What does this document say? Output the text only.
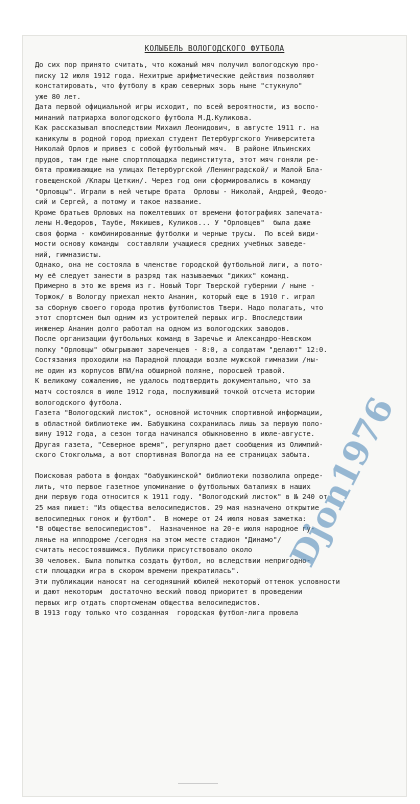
КОЛЫБЕЛЬ ВОЛОГОДСКОГО ФУТБОЛА
До сих пор принято считать, что кожаный мяч получил вологодскую про-
писку 12 июля 1912 года. Нехитрые арифметические действия позволяют
констатировать, что футболу в краю северных зорь ныне "стукнуло"
уже 80 лет.
Дата первой официальной игры исходит, по всей вероятности, из воспо-
минаний патриарха вологодского футбола М.Д.Куликова.
Как рассказывал впоследствии Михаил Леонидович, в августе 1911 г. на
каникулы в родной город приехал студент Петербургского Университета
Николай Орлов и привез с собой футбольный мяч.  В районе Ильинских
прудов, там где ныне спортплощадка пединститута, этот мяч гоняли ре-
бята проживающие на улицах Петербургской /Ленинградской/ и Малой Бла-
говещенской /Клары Цеткин/. Через год они сформировались в команду
"Орловцы". Играли в ней четыре брата  Орловы - Николай, Андрей, Феодо-
сий и Сергей, а потому и такое название.
Кроме братьев Орловых на пожелтевших от времени фотографиях запечата-
лены Н.Федоров, Таубе, Мякишев, Куликов... У "Орловцев"  была даже
своя форма - комбинированные футболки и черные трусы.  По всей види-
мости основу команды  составляли учащиеся средних учебных заведе-
ний, гимназисты.
Однако, она не состояла в членстве городской футбольной лиги, а пото-
му её следует занести в разряд так называемых "диких" команд.
Примерно в это же время из г. Новый Торг Тверской губернии / ныне -
Торжок/ в Вологду приехал некто Ананин, который еще в 1910 г. играл
за сборную своего города против футболистов Твери. Надо полагать, что
этот спортсмен был одним из устроителей первых игр. Впоследствии
инженер Ананин долго работал на одном из вологодских заводов.
После организации футбольных команд в Заречье и Александро-Невском
полку "Орловцы" обыгрывают зареченцев - 8:0, а солдатам "делают" 12:0.
Состязания проходили на Парадной площади возле мужской гимназии /ны-
не один из корпусов ВПИ/на обширной поляне, поросшей травой.
К великому сожалению, не удалось подтвердить документально, что за
матч состоялся в июле 1912 года, послуживший точкой отсчета истории
вологодского футбола.
Газета "Вологодский листок", основной источник спортивной информации,
в областной библиотеке им. Бабушкина сохранилась лишь за первую поло-
вину 1912 года, а сезон тогда начинался обыкновенно в июле-августе.
Другая газета, "Северное время", регулярно дает сообщения из Олимпий-
ского Стокгольма, а вот спортивная Вологда на ее страницах забыта.
Поисковая работа в фондах "бабушкинской" библиотеки позволила опреде-
лить, что первое газетное упоминание о футбольных баталиях в наших
дни первую года относится к 1911 году. "Вологодский листок" в № 240 от
25 мая пишет: "Из общества велосипедистов. 29 мая назначено открытие
велосипедных гонок и футбол".  В номере от 24 июля новая заметка:
"В обществе велосипедистов".  Назначенное на 20-е июля народное гу-
лянье на ипподроме /сегодня на этом месте стадион "Динамо"/
считать несостоявшимся. Публики присутствовало около
30 человек. Была попытка создать футбол, но вследствии непригодно-
сти площадки игра в скором времени прекратилась".
Эти публикации наносят на сегодняшний юбилей некоторый оттенок условности
и дают некоторым  достаточно веский повод приоритет в проведении
первых игр отдать спортсменам общества велосипедистов.
В 1913 году только что созданная  городская футбол-лига провела
Djon1976
